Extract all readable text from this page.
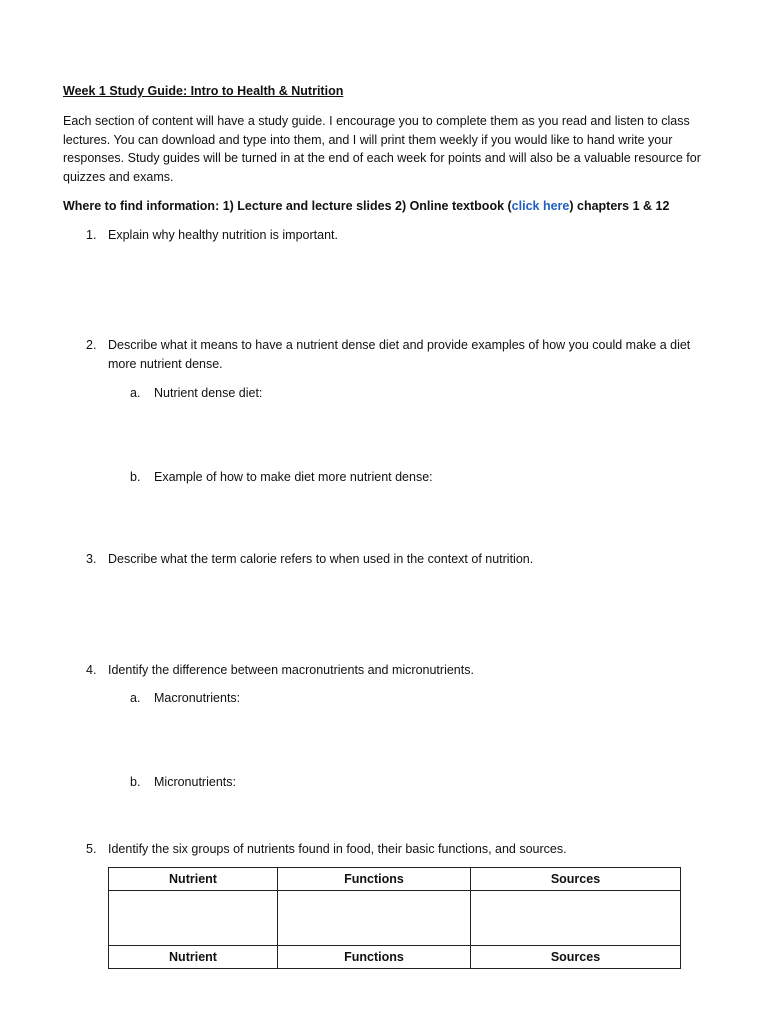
Week 1 Study Guide: Intro to Health & Nutrition
Each section of content will have a study guide. I encourage you to complete them as you read and listen to class lectures. You can download and type into them, and I will print them weekly if you would like to hand write your responses. Study guides will be turned in at the end of each week for points and will also be a valuable resource for quizzes and exams.
Where to find information: 1) Lecture and lecture slides 2) Online textbook (click here) chapters 1 & 12
1. Explain why healthy nutrition is important.
2. Describe what it means to have a nutrient dense diet and provide examples of how you could make a diet more nutrient dense.
a. Nutrient dense diet:
b. Example of how to make diet more nutrient dense:
3. Describe what the term calorie refers to when used in the context of nutrition.
4. Identify the difference between macronutrients and micronutrients.
a. Macronutrients:
b. Micronutrients:
5. Identify the six groups of nutrients found in food, their basic functions, and sources.
Nutrient	Functions	Sources

Nutrient	Functions	Sources
